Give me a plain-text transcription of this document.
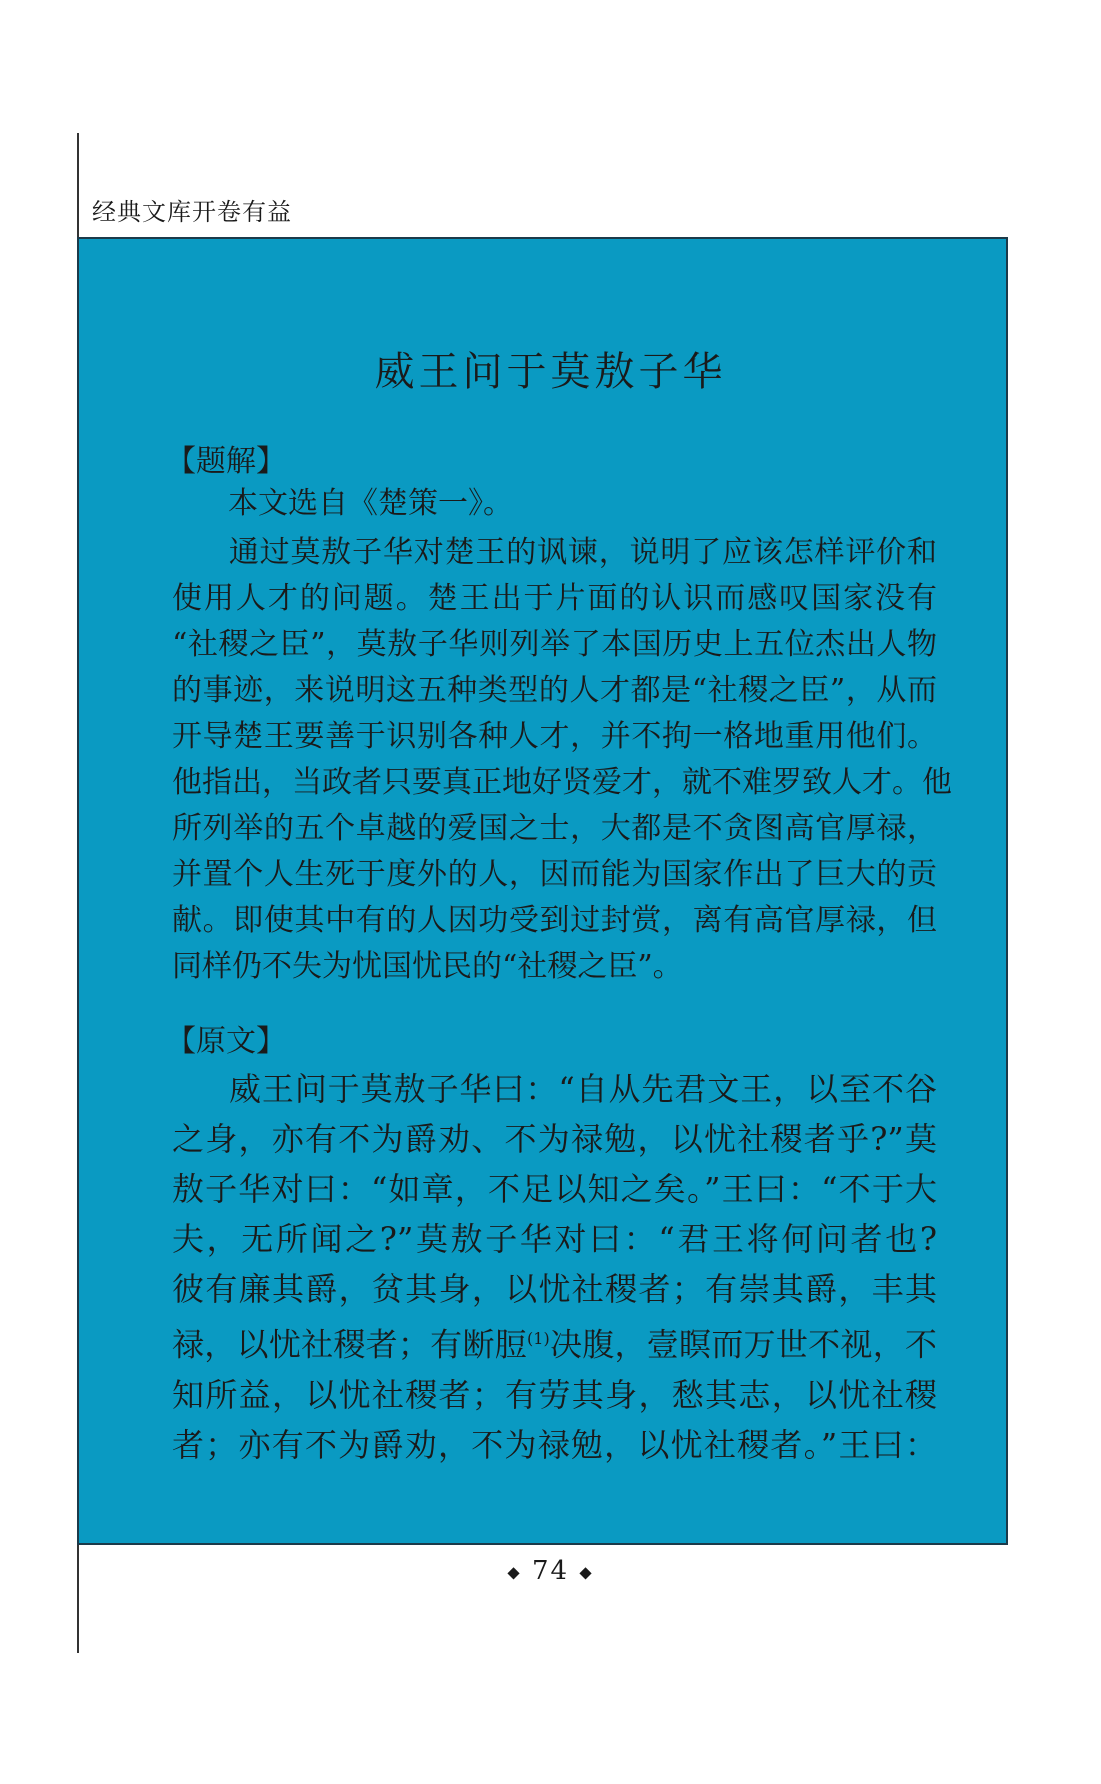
经典文库开卷有益
威王问于莫敖子华
【题解】
本文选自《楚策一》。
通过莫敖子华对楚王的讽谏，说明了应该怎样评价和
使用人才的问题。楚王出于片面的认识而感叹国家没有
“社稷之臣”，莫敖子华则列举了本国历史上五位杰出人物
的事迹，来说明这五种类型的人才都是“社稷之臣”，从而
开导楚王要善于识别各种人才，并不拘一格地重用他们。
他指出，当政者只要真正地好贤爱才，就不难罗致人才。他
所列举的五个卓越的爱国之士，大都是不贪图高官厚禄，
并置个人生死于度外的人，因而能为国家作出了巨大的贡
献。即使其中有的人因功受到过封赏，离有高官厚禄，但
同样仍不失为忧国忧民的“社稷之臣”。
【原文】
威王问于莫敖子华曰：“自从先君文王，以至不谷
之身，亦有不为爵劝、不为禄勉，以忧社稷者乎?”莫
敖子华对曰：“如章，不足以知之矣。”王曰：“不于大
夫，无所闻之?”莫敖子华对曰：“君王将何问者也?
彼有廉其爵，贫其身，以忧社稷者；有崇其爵，丰其
禄，以忧社稷者；有断脰$^{(1)}$决腹，壹瞑而万世不视，不
知所益，以忧社稷者；有劳其身，愁其志，以忧社稷
者；亦有不为爵劝，不为禄勉，以忧社稷者。”王曰：
◆ 74 ◆
